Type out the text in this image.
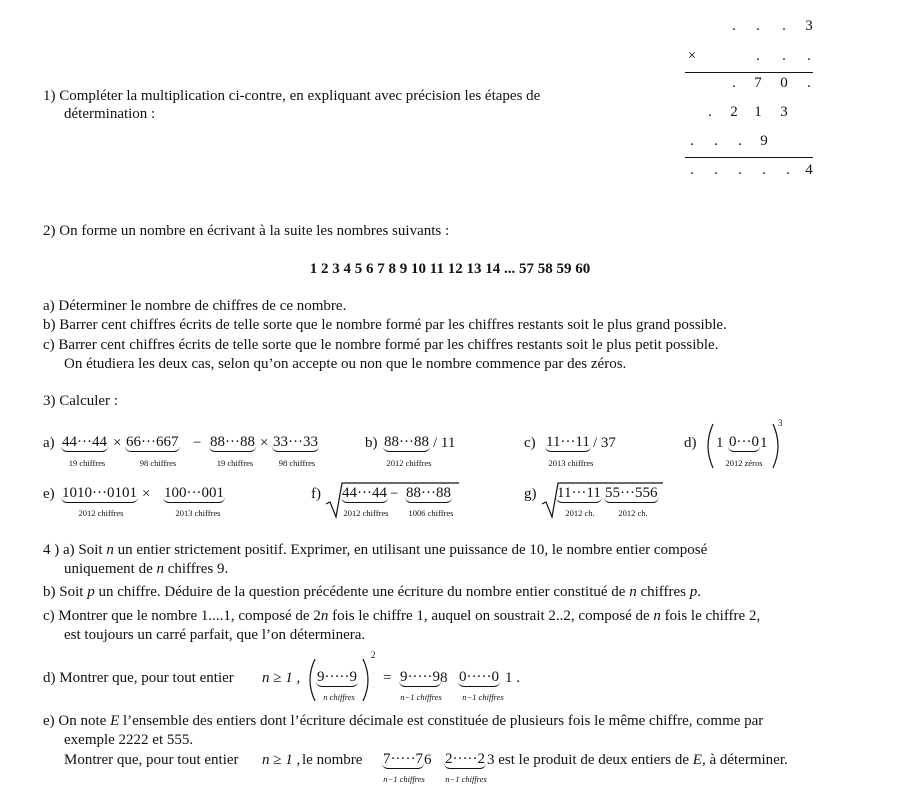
1) Compléter la multiplication ci-contre, en expliquant avec précision les étapes de
détermination :
.	.	.	3
×	.	.	.
.	7	0	.
.	2	1	3
.	.	.	9
.	.	.	.	.	4
2) On forme un nombre en écrivant à la suite les nombres suivants :
1 2 3 4 5 6 7 8 9 10 11 12 13 14 ... 57 58 59 60
a) Déterminer le nombre de chiffres de ce nombre.
b) Barrer cent chiffres écrits de telle sorte que le nombre formé par les chiffres restants soit le plus grand possible.
c) Barrer cent chiffres écrits de telle sorte que le nombre formé par les chiffres restants soit le plus petit possible.
On étudiera les deux cas, selon qu’on accepte ou non que le nombre commence par des zéros.
3) Calculer :
a) 44···44 × 66···667 − 88···88 × 33···33
19 chiffres	98 chiffres	19 chiffres	98 chiffres
b) 88···88 / 11
2012 chiffres
c) 11···11 / 37
2013 chiffres
d) 1 0···0 1
3
2012 zéros
e) 1010···0101 × 100···001
2012 chiffres	2013 chiffres
f) 44···44 − 88···88
2012 chiffres	1006 chiffres
g) 11···11 55···556
2012 ch.	2012 ch.
4 ) a) Soit n un entier strictement positif. Exprimer, en utilisant une puissance de 10, le nombre entier composé
uniquement de n chiffres 9.
b) Soit p un chiffre. Déduire de la question précédente une écriture du nombre entier constitué de n chiffres p.
c) Montrer que le nombre 1....1, composé de 2n fois le chiffre 1, auquel on soustrait 2..2, composé de n fois le chiffre 2,
est toujours un carré parfait, que l’on déterminera.
d) Montrer que, pour tout entier n ≥ 1 , 9·····9
2
n chiffres
= 9·····9 8 0·····0 1 .
n−1 chiffres	n−1 chiffres
e) On note E l’ensemble des entiers dont l’écriture décimale est constituée de plusieurs fois le même chiffre, comme par
exemple 2222 et 555.
Montrer que, pour tout entier n ≥ 1 , le nombre 7·····7 6 2·····2 3 est le produit de deux entiers de E, à déterminer.
n−1 chiffres	n−1 chiffres
